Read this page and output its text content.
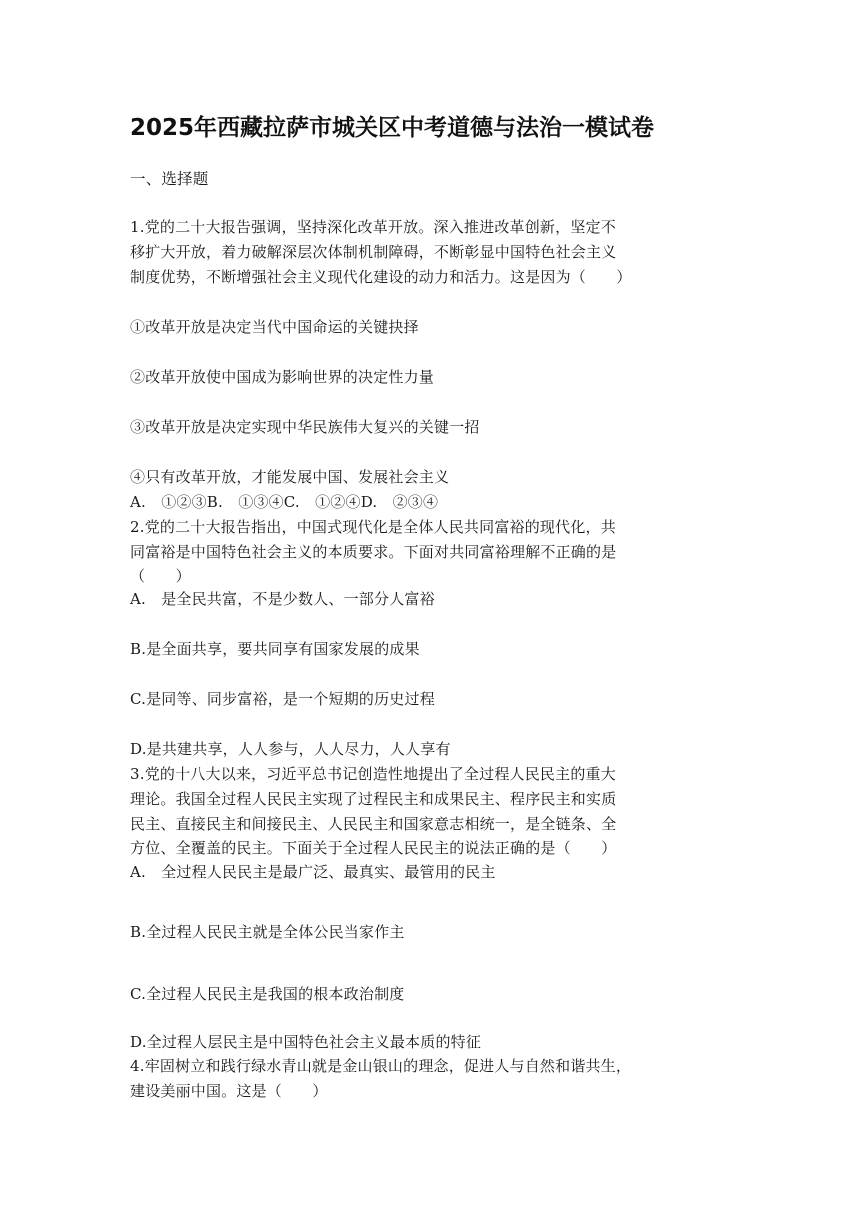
2025年西藏拉萨市城关区中考道德与法治一模试卷
一、选择题
1.党的二十大报告强调，坚持深化改革开放。深入推进改革创新，坚定不
移扩大开放，着力破解深层次体制机制障碍，不断彰显中国特色社会主义
制度优势，不断增强社会主义现代化建设的动力和活力。这是因为（　　）
①改革开放是决定当代中国命运的关键抉择
②改革开放使中国成为影响世界的决定性力量
③改革开放是决定实现中华民族伟大复兴的关键一招
④只有改革开放，才能发展中国、发展社会主义
A.　①②③B.　①③④C.　①②④D.　②③④
2.党的二十大报告指出，中国式现代化是全体人民共同富裕的现代化，共
同富裕是中国特色社会主义的本质要求。下面对共同富裕理解不正确的是
（　　）
A.　是全民共富，不是少数人、一部分人富裕
B.是全面共享，要共同享有国家发展的成果
C.是同等、同步富裕，是一个短期的历史过程
D.是共建共享，人人参与，人人尽力，人人享有
3.党的十八大以来，习近平总书记创造性地提出了全过程人民民主的重大
理论。我国全过程人民民主实现了过程民主和成果民主、程序民主和实质
民主、直接民主和间接民主、人民民主和国家意志相统一，是全链条、全
方位、全覆盖的民主。下面关于全过程人民民主的说法正确的是（　　）
A.　全过程人民民主是最广泛、最真实、最管用的民主
B.全过程人民民主就是全体公民当家作主
C.全过程人民民主是我国的根本政治制度
D.全过程人层民主是中国特色社会主义最本质的特征
4.牢固树立和践行绿水青山就是金山银山的理念，促进人与自然和谐共生，
建设美丽中国。这是（　　）
